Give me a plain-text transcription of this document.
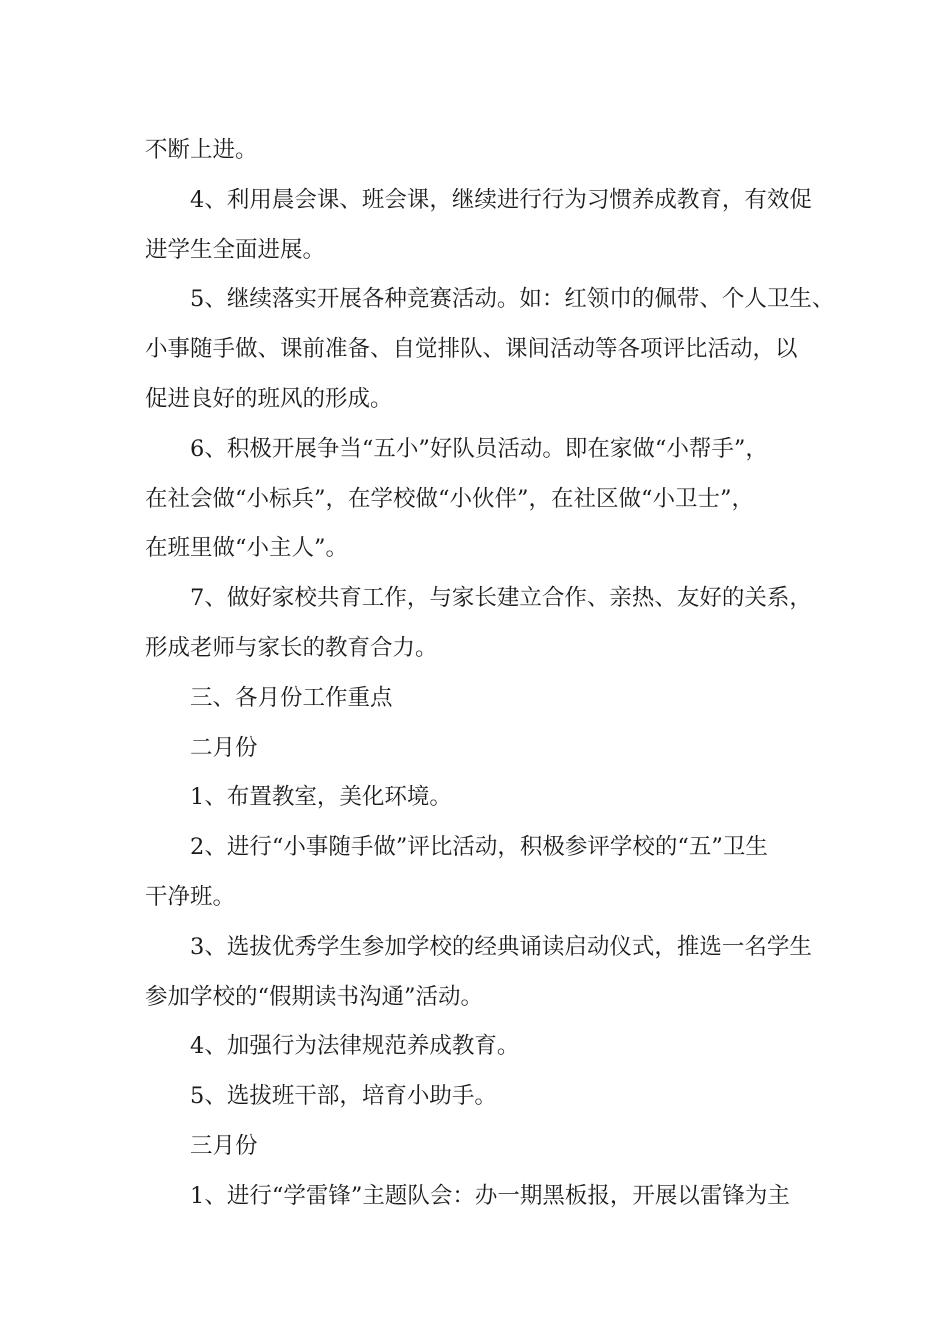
不断上进。

4、利用晨会课、班会课，继续进行行为习惯养成教育，有效促

进学生全面进展。

5、继续落实开展各种竞赛活动。如：红领巾的佩带、个人卫生、

小事随手做、课前准备、自觉排队、课间活动等各项评比活动，以

促进良好的班风的形成。

6、积极开展争当“五小”好队员活动。即在家做“小帮手”，

在社会做“小标兵”，在学校做“小伙伴”，在社区做“小卫士”，

在班里做“小主人”。

7、做好家校共育工作，与家长建立合作、亲热、友好的关系，

形成老师与家长的教育合力。

三、各月份工作重点

二月份

1、布置教室，美化环境。

2、进行“小事随手做”评比活动，积极参评学校的“五”卫生

干净班。

3、选拔优秀学生参加学校的经典诵读启动仪式，推选一名学生

参加学校的“假期读书沟通”活动。

4、加强行为法律规范养成教育。

5、选拔班干部，培育小助手。

三月份

1、进行“学雷锋”主题队会：办一期黑板报，开展以雷锋为主
